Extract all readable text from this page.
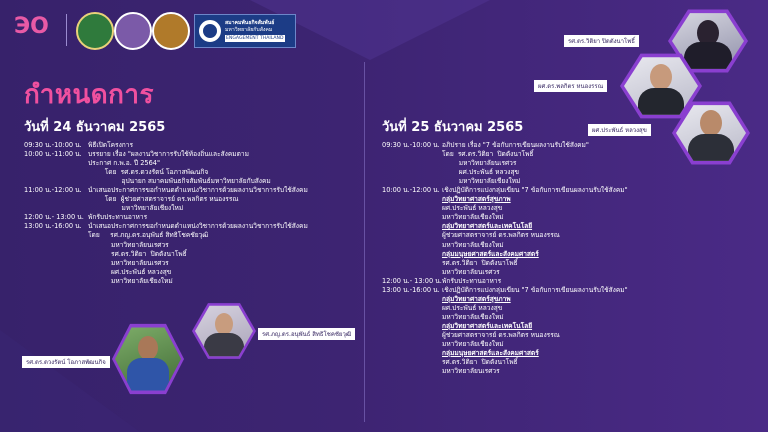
ЭO	สมาคมพันธกิจสัมพันธ์
มหาวิทยาลัยกับสังคม
ENGAGEMENT THAILAND
กำหนดการ
วันที่ 24 ธันวาคม 2565	วันที่ 25 ธันวาคม 2565
09:30 น.-10:00 น. พิธีเปิดโครงการ
10:00 น.-11:00 น. บรรยาย เรื่อง "ผลงานวิชาการรับใช้ท้องถิ่นและสังคมตาม
ประกาศ ก.พ.อ. ปี 2564"
โดย  รศ.ดร.ดวงรัตน์ โอภาสพัฒนกิจ
อุปนายก สมาคมพันธกิจสัมพันธ์มหาวิทยาลัยกับสังคม
11:00 น.-12:00 น. นำเสนอประกาศการขอกำหนดตำแหน่งวิชาการด้วยผลงานวิชาการรับใช้สังคม
โดย  ผู้ช่วยศาสตราจารย์ ดร.พลกิตร หนองรรณ
มหาวิทยาลัยเชียงใหม่
12:00 น.- 13:00 น. พักรับประทานอาหาร
13:00 น.-16:00 น. นำเสนอประกาศการขอกำหนดตำแหน่งวิชาการด้วยผลงานวิชาการรับใช้สังคม
โดย     รศ.ภญ.ดร.อนุพันธ์ สิทธิโชคชัยวุฒิ
มหาวิทยาลัยนเรศวร
รศ.ดร.วิติยา  ปิดตังนาโพธิ์
มหาวิทยาลัยนเรศวร
ผศ.ประพันธ์ หลวงสุข
มหาวิทยาลัยเชียงใหม่
09:30 น.-10:00 น. อภิปราย เรื่อง "7 ข้อกับการเขียนผลงานรับใช้สังคม"
โดย  รศ.ดร.วิติยา  ปิดตังนาโพธิ์
มหาวิทยาลัยนเรศวร
ผศ.ประพันธ์ หลวงสุข
มหาวิทยาลัยเชียงใหม่
10:00 น.-12:00 น. เชิงปฏิบัติการแบ่งกลุ่มเขียน "7 ข้อกับการเขียนผลงานรับใช้สังคม"
กลุ่มวิทยาศาสตร์สุขภาพ
ผศ.ประพันธ์ หลวงสุข
มหาวิทยาลัยเชียงใหม่
กลุ่มวิทยาศาสตร์และเทคโนโลยี
ผู้ช่วยศาสตราจารย์ ดร.พลกิตร หนองรรณ
มหาวิทยาลัยเชียงใหม่
กลุ่มมนุษยศาสตร์และสังคมศาสตร์
รศ.ดร.วิติยา  ปิดตังนาโพธิ์
มหาวิทยาลัยนเรศวร
12:00 น.- 13:00 น. พักรับประทานอาหาร
13:00 น.-16:00 น. เชิงปฏิบัติการแบ่งกลุ่มเขียน "7 ข้อกับการเขียนผลงานรับใช้สังคม"
กลุ่มวิทยาศาสตร์สุขภาพ
ผศ.ประพันธ์ หลวงสุข
มหาวิทยาลัยเชียงใหม่
กลุ่มวิทยาศาสตร์และเทคโนโลยี
ผู้ช่วยศาสตราจารย์ ดร.พลกิตร หนองรรณ
มหาวิทยาลัยเชียงใหม่
กลุ่มมนุษยศาสตร์และสังคมศาสตร์
รศ.ดร.วิติยา  ปิดตังนาโพธิ์
มหาวิทยาลัยนเรศวร
รศ.ดร.วิติยา ปิดตังนาโพธิ์
ผศ.ดร.พลกิตร หนองรรณ
ผศ.ประพันธ์ หลวงสุข
รศ.ภญ.ดร.อนุพันธ์ สิทธิโชคชัยวุฒิ
รศ.ดร.ดวงรัตน์ โอภาสพัฒนกิจ
